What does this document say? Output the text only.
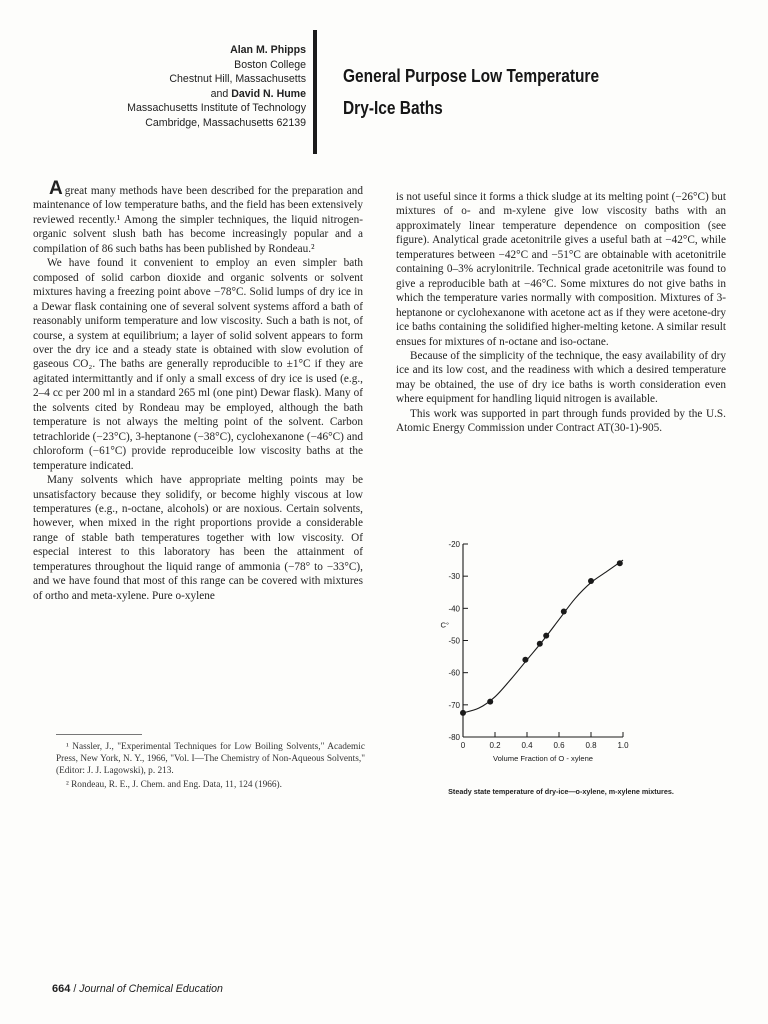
Alan M. Phipps
Boston College
Chestnut Hill, Massachusetts
and David N. Hume
Massachusetts Institute of Technology
Cambridge, Massachusetts 62139
General Purpose Low Temperature
Dry-Ice Baths

Agreat many methods have been described for the preparation and maintenance of low temperature baths, and the field has been extensively reviewed recently.¹ Among the simpler techniques, the liquid nitrogen-organic solvent slush bath has become increasingly popular and a compilation of 86 such baths has been published by Rondeau.²

We have found it convenient to employ an even simpler bath composed of solid carbon dioxide and organic solvents or solvent mixtures having a freezing point above −78°C. Solid lumps of dry ice in a Dewar flask containing one of several solvent systems afford a bath of reasonably uniform temperature and low viscosity. Such a bath is not, of course, a system at equilibrium; a layer of solid solvent appears to form over the dry ice and a steady state is obtained with slow evolution of gaseous CO₂. The baths are generally reproducible to ±1°C if they are agitated intermittantly and if only a small excess of dry ice is used (e.g., 2–4 cc per 200 ml in a standard 265 ml (one pint) Dewar flask). Many of the solvents cited by Rondeau may be employed, although the bath temperature is not always the melting point of the solvent. Carbon tetrachloride (−23°C), 3-heptanone (−38°C), cyclohexanone (−46°C) and chloroform (−61°C) provide reproduceible low viscosity baths at the temperature indicated.

Many solvents which have appropriate melting points may be unsatisfactory because they solidify, or become highly viscous at low temperatures (e.g., n-octane, alcohols) or are noxious. Certain solvents, however, when mixed in the right proportions provide a considerable range of stable bath temperatures together with low viscosity. Of especial interest to this laboratory has been the attainment of temperatures throughout the liquid range of ammonia (−78° to −33°C), and we have found that most of this range can be covered with mixtures of ortho and meta-xylene. Pure o-xylene

is not useful since it forms a thick sludge at its melting point (−26°C) but mixtures of o- and m-xylene give low viscosity baths with an approximately linear temperature dependence on composition (see figure). Analytical grade acetonitrile gives a useful bath at −42°C, while temperatures between −42°C and −51°C are obtainable with acetonitrile containing 0–3% acrylonitrile. Technical grade acetonitrile was found to give a reproducible bath at −46°C. Some mixtures do not give baths in which the temperature varies normally with composition. Mixtures of 3-heptanone or cyclohexanone with acetone act as if they were acetone-dry ice baths containing the solidified higher-melting ketone. A similar result ensues for mixtures of n-octane and iso-octane.

Because of the simplicity of the technique, the easy availability of dry ice and its low cost, and the readiness with which a desired temperature may be obtained, the use of dry ice baths is worth consideration even where equipment for handling liquid nitrogen is available.

This work was supported in part through funds provided by the U.S. Atomic Energy Commission under Contract AT(30-1)-905.

¹ Nassler, J., "Experimental Techniques for Low Boiling Solvents," Academic Press, New York, N. Y., 1966, "Vol. I—The Chemistry of Non-Aqueous Solvents," (Editor: J. J. Lagowski), p. 213.

² Rondeau, R. E., J. Chem. and Eng. Data, 11, 124 (1966).

-20
-30
-40
-50
-60
-70
-80
0	0.2	0.4	0.6	0.8	1.0
Volume Fraction of O - xylene
C°
Steady state temperature of dry-ice—o-xylene, m-xylene mixtures.
664 / Journal of Chemical Education
